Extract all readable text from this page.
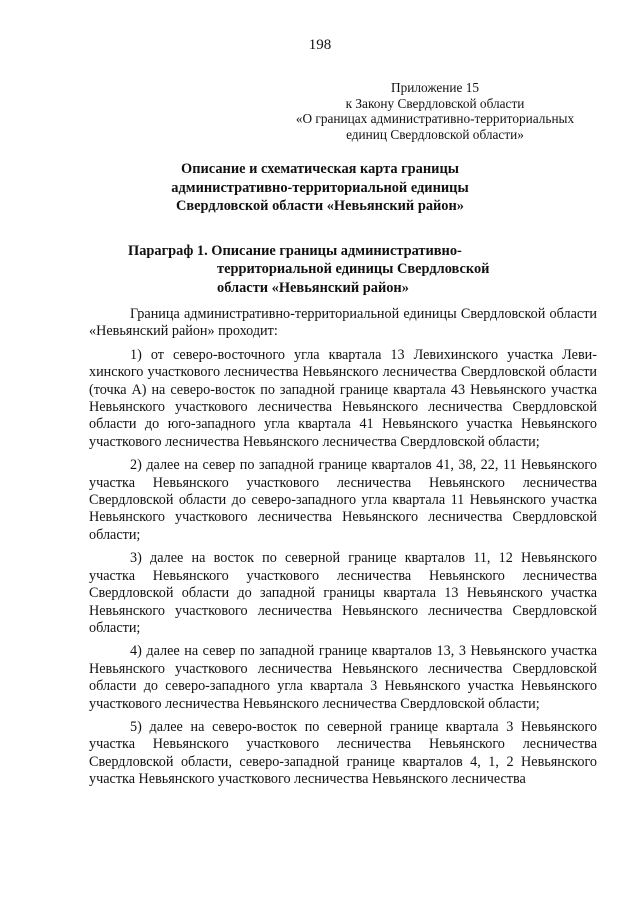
198
Приложение 15
к Закону Свердловской области
«О границах административно-территориальных
единиц Свердловской области»
Описание и схематическая карта границы
административно-территориальной единицы
Свердловской области «Невьянский район»
Параграф 1. Описание границы административно-
территориальной единицы Свердловской
области «Невьянский район»

Граница административно-территориальной единицы Свердловской области «Невьянский район» проходит:

1) от северо-восточного угла квартала 13 Левихинского участка Левихинского участкового лесничества Невьянского лесничества Свердловской области (точка А) на северо-восток по западной границе квартала 43 Невьянского участка Невьянского участкового лесничества Невьянского лесничества Свердловской области до юго-западного угла квартала 41 Невьянского участка Невьянского участкового лесничества Невьянского лесничества Свердловской области;

2) далее на север по западной границе кварталов 41, 38, 22, 11 Невьянского участка Невьянского участкового лесничества Невьянского лесничества Свердловской области до северо-западного угла квартала 11 Невьянского участка Невьянского участкового лесничества Невьянского лесничества Свердловской области;

3) далее на восток по северной границе кварталов 11, 12 Невьянского участка Невьянского участкового лесничества Невьянского лесничества Свердловской области до западной границы квартала 13 Невьянского участка Невьянского участкового лесничества Невьянского лесничества Свердловской области;

4) далее на север по западной границе кварталов 13, 3 Невьянского участка Невьянского участкового лесничества Невьянского лесничества Свердловской области до северо-западного угла квартала 3 Невьянского участка Невьянского участкового лесничества Невьянского лесничества Свердловской области;

5) далее на северо-восток по северной границе квартала 3 Невьянского участка Невьянского участкового лесничества Невьянского лесничества Свердловской области, северо-западной границе кварталов 4, 1, 2 Невьянского участка Невьянского участкового лесничества Невьянского лесничества
